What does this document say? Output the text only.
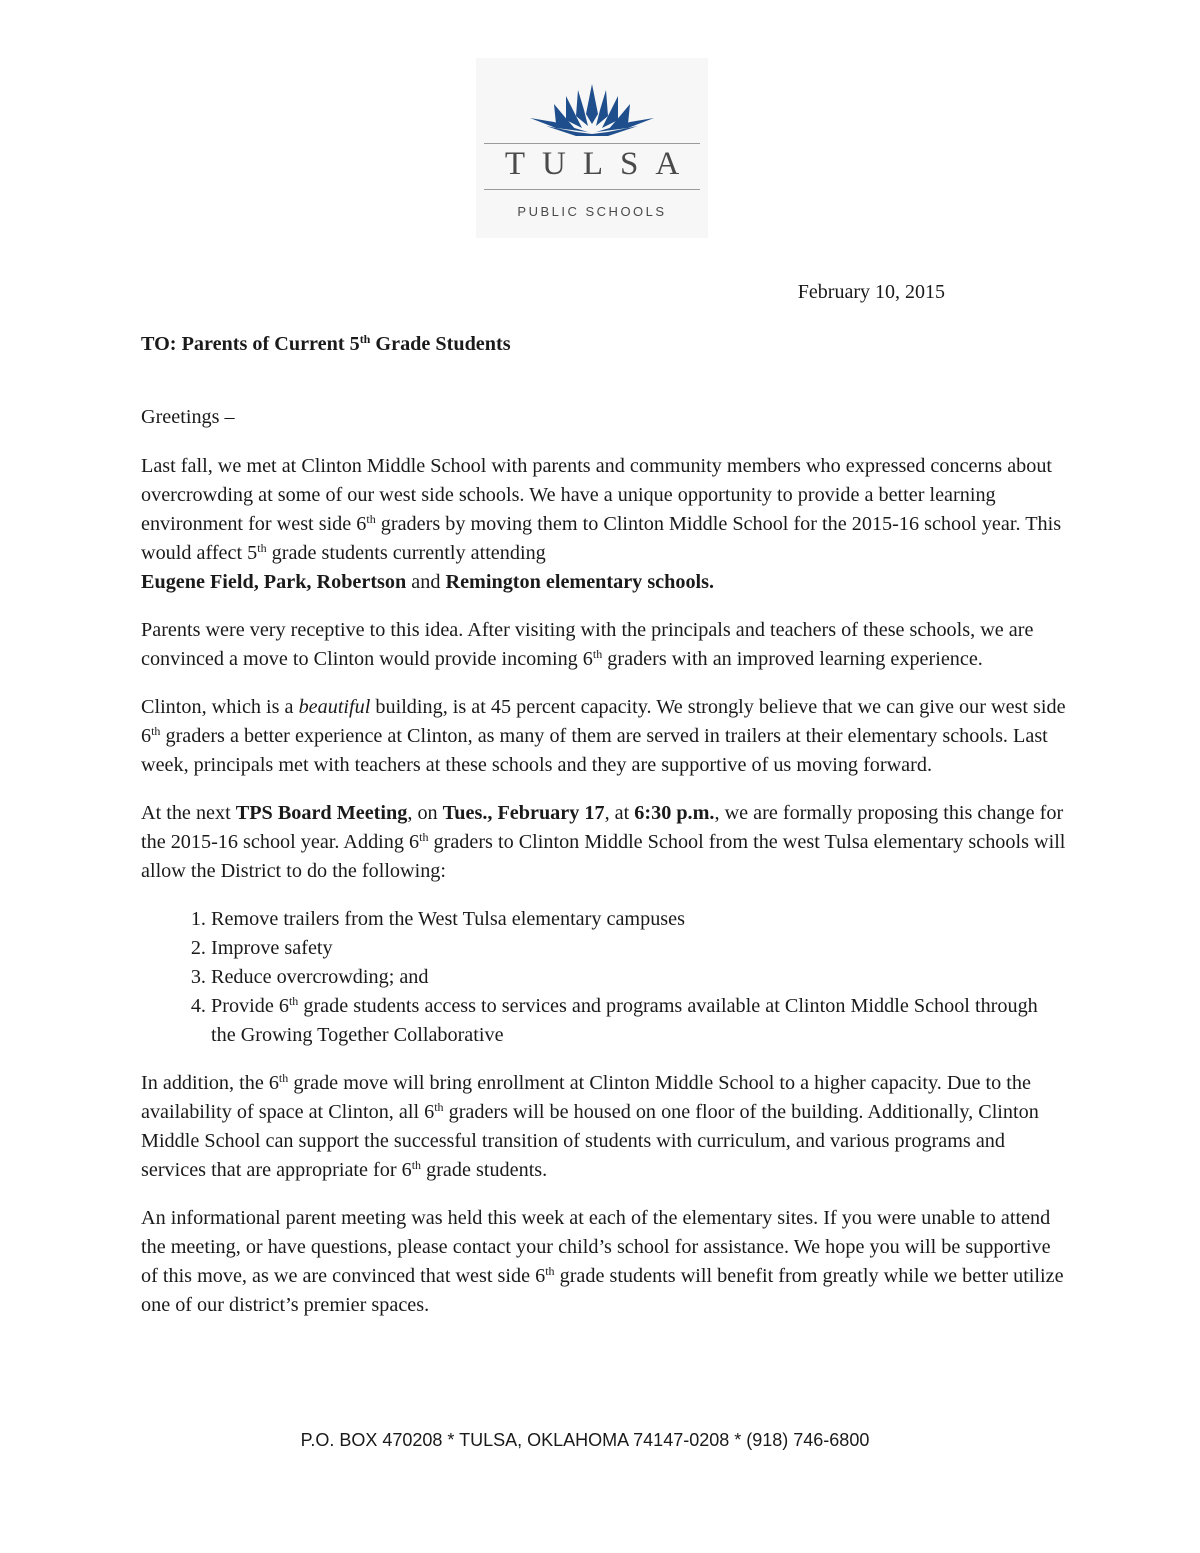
TULSA
PUBLIC SCHOOLS
February 10, 2015
TO: Parents of Current 5th Grade Students

Greetings –

Last fall, we met at Clinton Middle School with parents and community members who expressed concerns about overcrowding at some of our west side schools. We have a unique opportunity to provide a better learning environment for west side 6th graders by moving them to Clinton Middle School for the 2015-16 school year. This would affect 5th grade students currently attending
Eugene Field, Park, Robertson and Remington elementary schools.

Parents were very receptive to this idea. After visiting with the principals and teachers of these schools, we are convinced a move to Clinton would provide incoming 6th graders with an improved learning experience.

Clinton, which is a beautiful building, is at 45 percent capacity. We strongly believe that we can give our west side 6th graders a better experience at Clinton, as many of them are served in trailers at their elementary schools. Last week, principals met with teachers at these schools and they are supportive of us moving forward.

At the next TPS Board Meeting, on Tues., February 17, at 6:30 p.m., we are formally proposing this change for the 2015-16 school year. Adding 6th graders to Clinton Middle School from the west Tulsa elementary schools will allow the District to do the following:

1. Remove trailers from the West Tulsa elementary campuses
2. Improve safety
3. Reduce overcrowding; and
4. Provide 6th grade students access to services and programs available at Clinton Middle School through the Growing Together Collaborative

In addition, the 6th grade move will bring enrollment at Clinton Middle School to a higher capacity. Due to the availability of space at Clinton, all 6th graders will be housed on one floor of the building. Additionally, Clinton Middle School can support the successful transition of students with curriculum, and various programs and services that are appropriate for 6th grade students.

An informational parent meeting was held this week at each of the elementary sites. If you were unable to attend the meeting, or have questions, please contact your child’s school for assistance. We hope you will be supportive of this move, as we are convinced that west side 6th grade students will benefit from greatly while we better utilize one of our district’s premier spaces.

P.O. BOX 470208 * TULSA, OKLAHOMA 74147-0208 * (918) 746-6800
